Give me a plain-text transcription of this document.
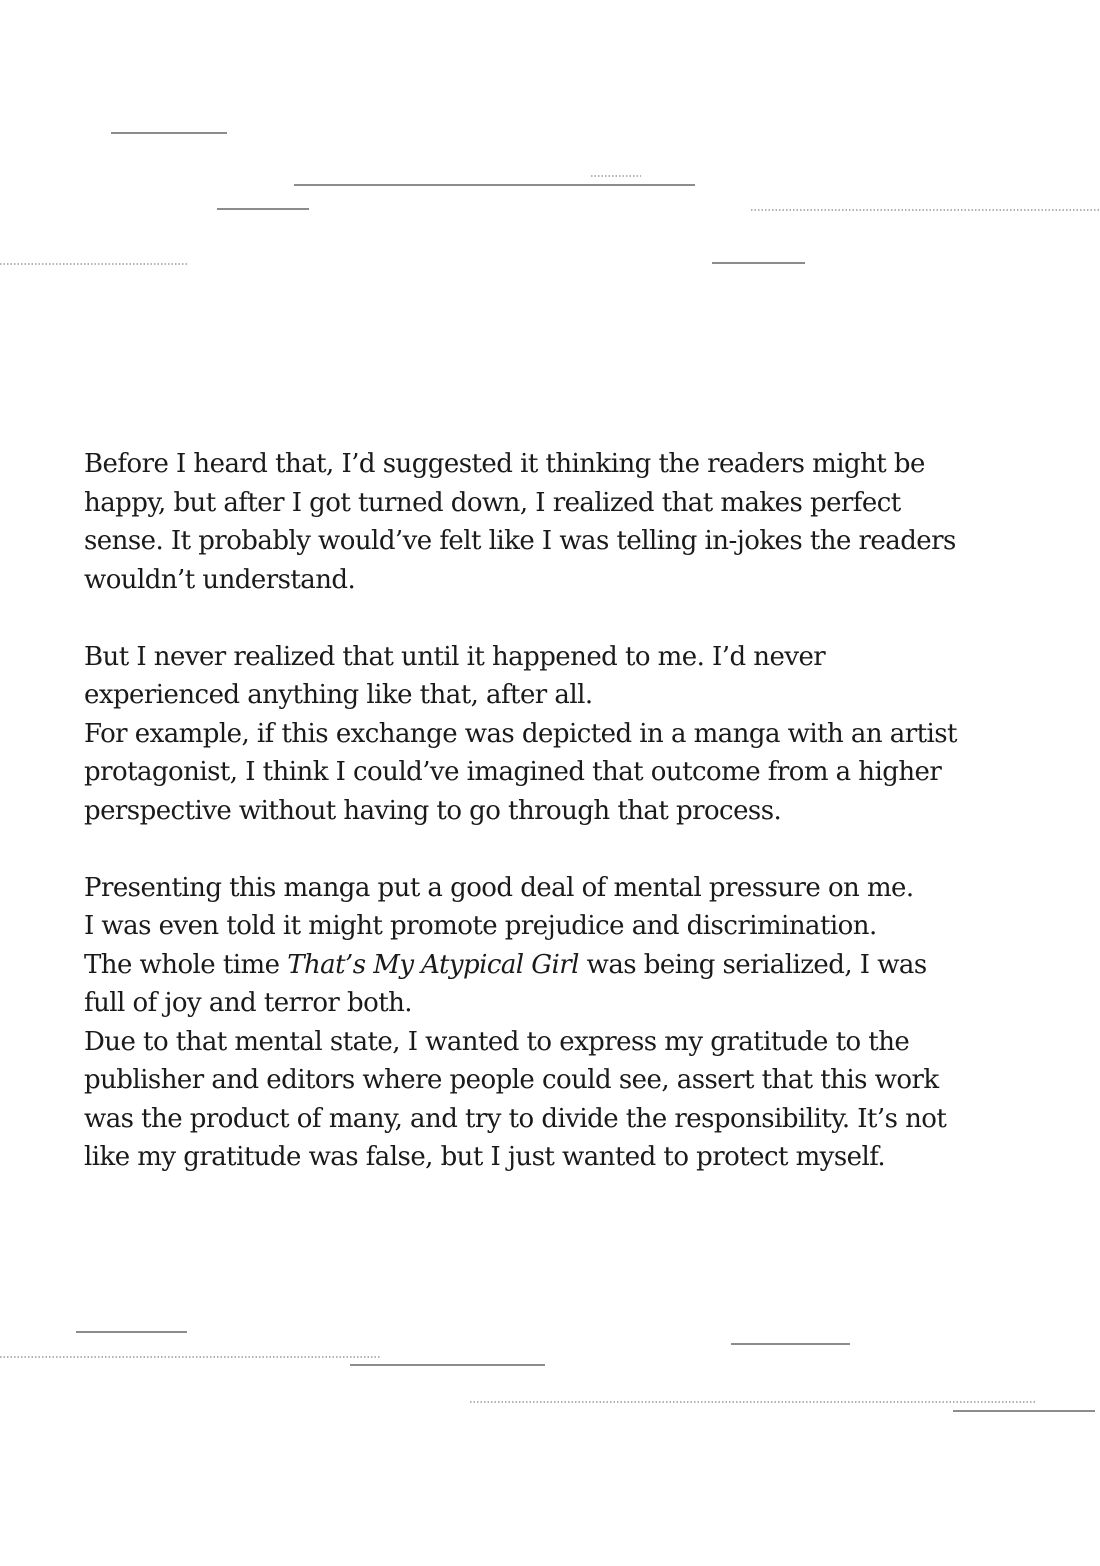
Before I heard that, I’d suggested it thinking the readers might be
happy, but after I got turned down, I realized that makes perfect
sense. It probably would’ve felt like I was telling in-jokes the readers
wouldn’t understand.

But I never realized that until it happened to me. I’d never
experienced anything like that, after all.
For example, if this exchange was depicted in a manga with an artist
protagonist, I think I could’ve imagined that outcome from a higher
perspective without having to go through that process.

Presenting this manga put a good deal of mental pressure on me.
I was even told it might promote prejudice and discrimination.
The whole time That’s My Atypical Girl was being serialized, I was
full of joy and terror both.
Due to that mental state, I wanted to express my gratitude to the
publisher and editors where people could see, assert that this work
was the product of many, and try to divide the responsibility. It’s not
like my gratitude was false, but I just wanted to protect myself.
